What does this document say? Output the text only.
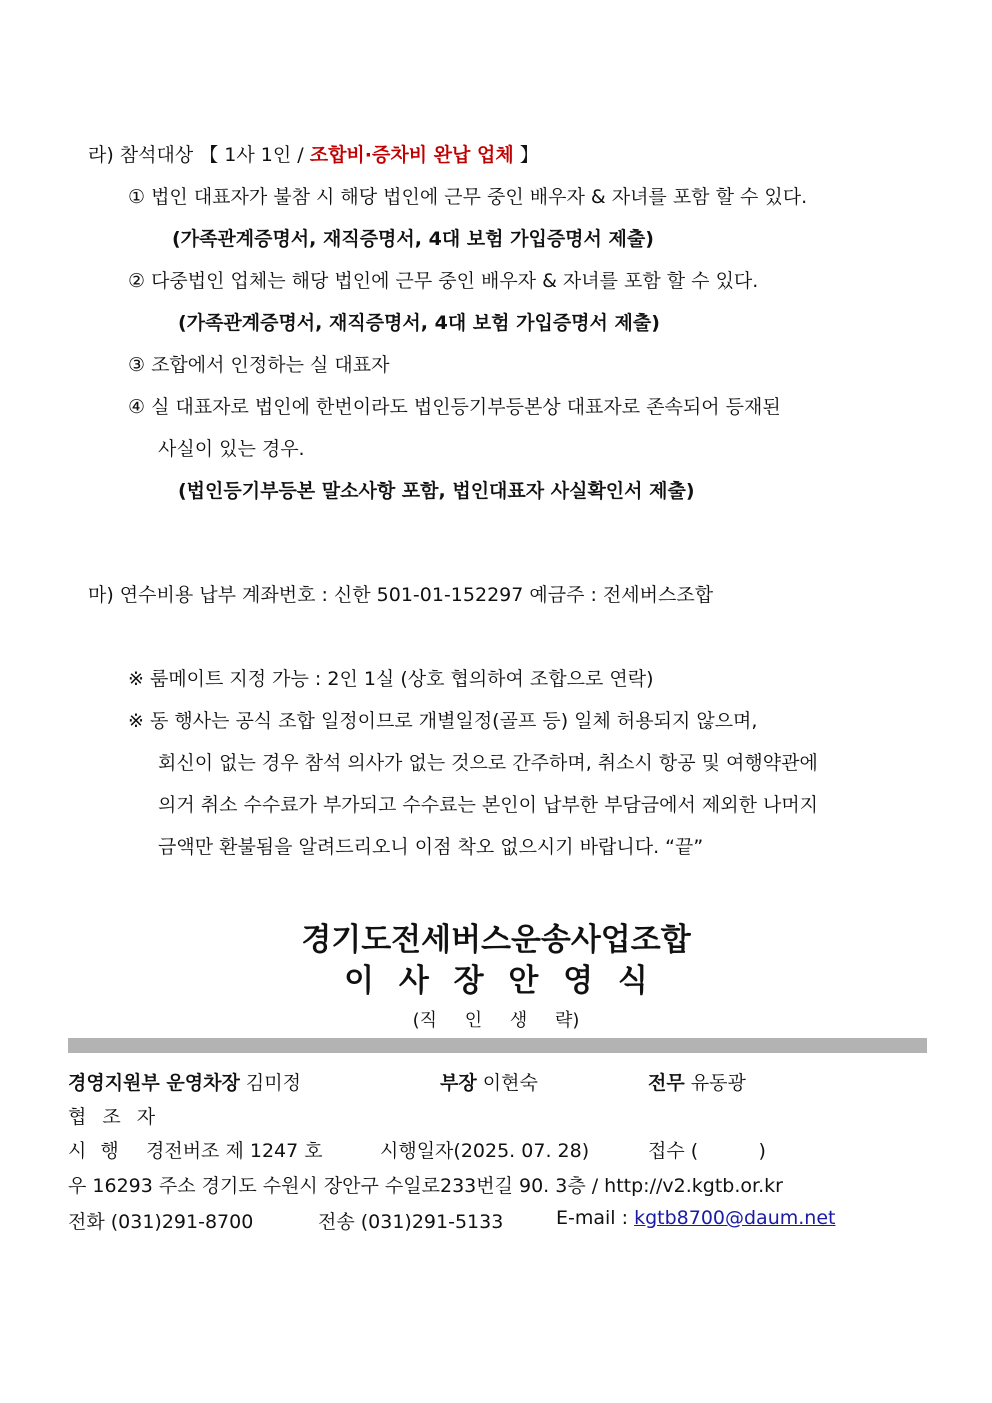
라) 참석대상 【 1사 1인 / 조합비·증차비 완납 업체 】
① 법인 대표자가 불참 시 해당 법인에 근무 중인 배우자 & 자녀를 포함 할 수 있다.
(가족관계증명서, 재직증명서, 4대 보험 가입증명서 제출)
② 다중법인 업체는 해당 법인에 근무 중인 배우자 & 자녀를 포함 할 수 있다.
(가족관계증명서, 재직증명서, 4대 보험 가입증명서 제출)
③ 조합에서 인정하는 실 대표자
④ 실 대표자로 법인에 한번이라도 법인등기부등본상 대표자로 존속되어 등재된
사실이 있는 경우.
(법인등기부등본 말소사항 포함, 법인대표자 사실확인서 제출)
마) 연수비용 납부 계좌번호 : 신한 501-01-152297 예금주 : 전세버스조합
※ 룸메이트 지정 가능 : 2인 1실 (상호 협의하여 조합으로 연락)
※ 동 행사는 공식 조합 일정이므로 개별일정(골프 등) 일체 허용되지 않으며,
회신이 없는 경우 참석 의사가 없는 것으로 간주하며, 취소시 항공 및 여행약관에
의거 취소 수수료가 부가되고 수수료는 본인이 납부한 부담금에서 제외한 나머지
금액만 환불됨을 알려드리오니 이점 착오 없으시기 바랍니다. “끝”
경기도전세버스운송사업조합
이 사 장 안 영 식
(직 인 생 략)
경영지원부 운영차장 김미정	부장 이현숙	전무 유동광
협 조 자
시 행 경전버조 제 1247 호	시행일자(2025. 07. 28)	접수 (          )
우 16293 주소 경기도 수원시 장안구 수일로233번길 90. 3층 / http://v2.kgtb.or.kr
전화 (031)291-8700	전송 (031)291-5133	E-mail : kgtb8700@daum.net
